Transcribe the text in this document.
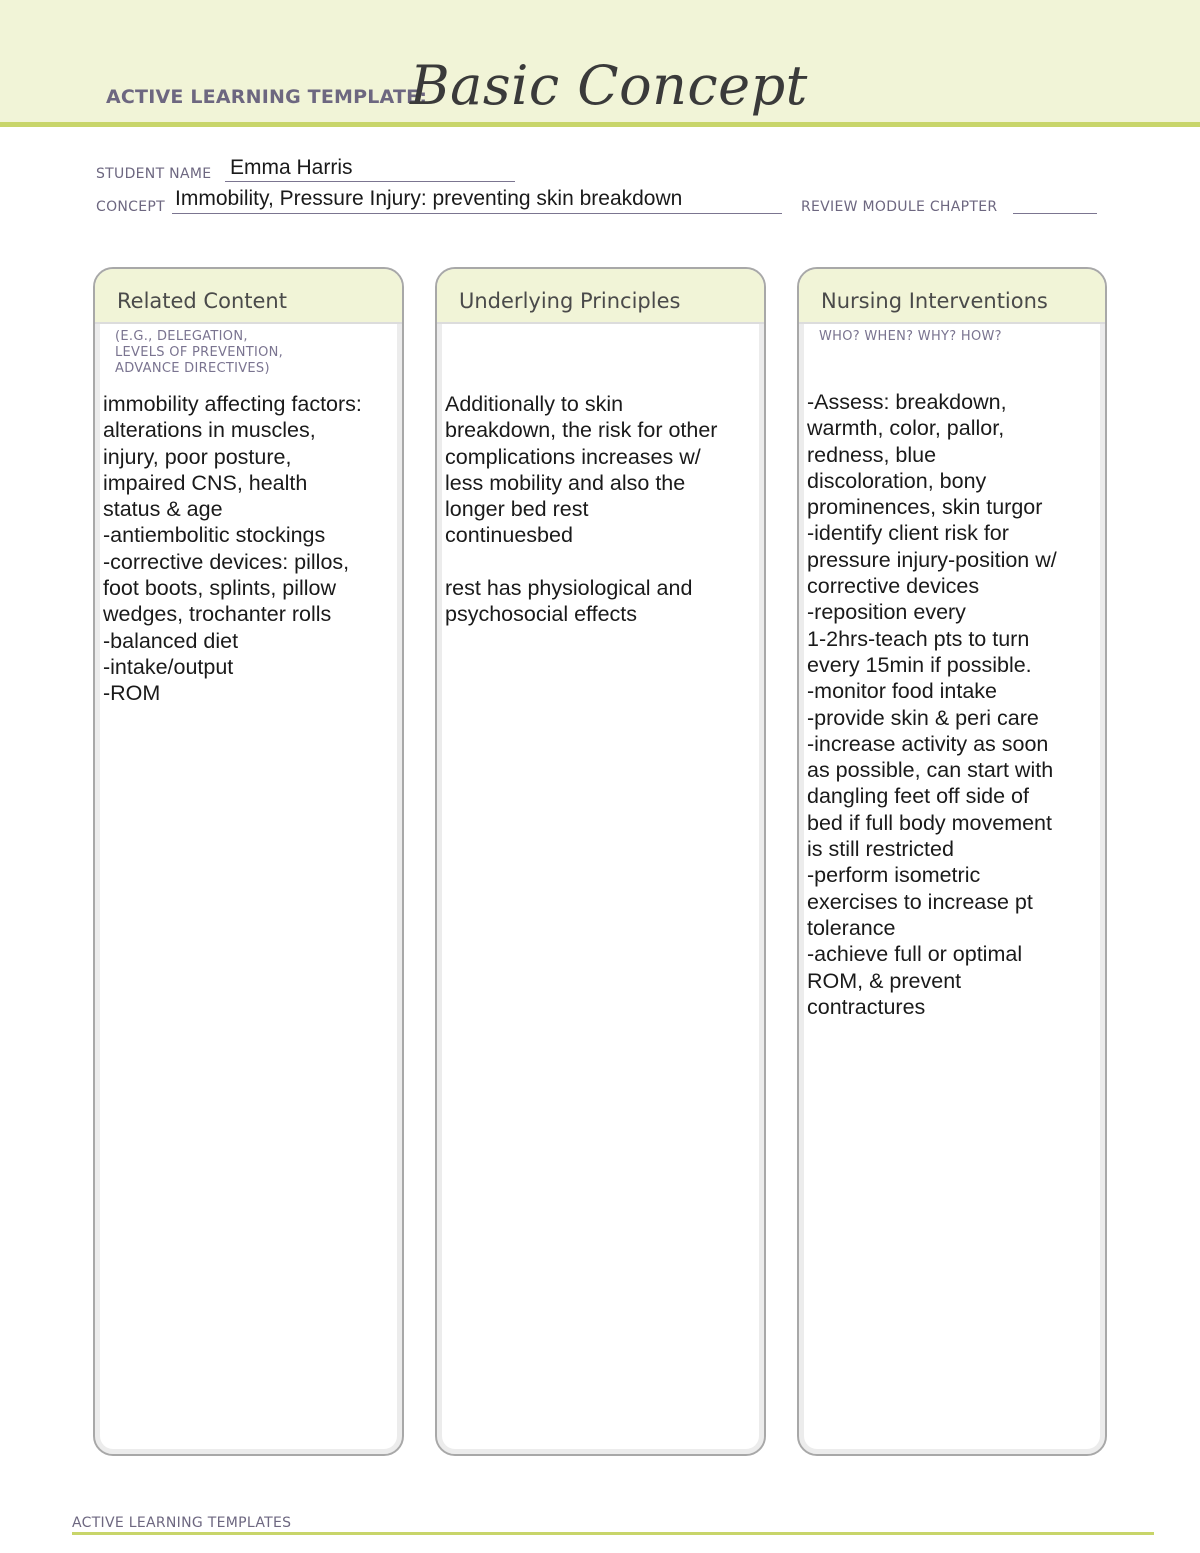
ACTIVE LEARNING TEMPLATE:
Basic Concept
STUDENT NAME Emma Harris
CONCEPT Immobility, Pressure Injury: preventing skin breakdown	REVIEW MODULE CHAPTER
Related Content
(E.G., DELEGATION,
LEVELS OF PREVENTION,
ADVANCE DIRECTIVES)
immobility affecting factors:
alterations in muscles,
injury, poor posture,
impaired CNS, health
status & age
-antiembolitic stockings
-corrective devices: pillos,
foot boots, splints, pillow
wedges, trochanter rolls
-balanced diet
-intake/output
-ROM
Underlying Principles
Additionally to skin
breakdown, the risk for other
complications increases w/
less mobility and also the
longer bed rest
continuesbed

rest has physiological and
psychosocial effects
Nursing Interventions
WHO? WHEN? WHY? HOW?
-Assess: breakdown,
warmth, color, pallor,
redness, blue
discoloration, bony
prominences, skin turgor
-identify client risk for
pressure injury-position w/
corrective devices
-reposition every
1-2hrs-teach pts to turn
every 15min if possible.
-monitor food intake
-provide skin & peri care
-increase activity as soon
as possible, can start with
dangling feet off side of
bed if full body movement
is still restricted
-perform isometric
exercises to increase pt
tolerance
-achieve full or optimal
ROM, & prevent
contractures
ACTIVE LEARNING TEMPLATES
